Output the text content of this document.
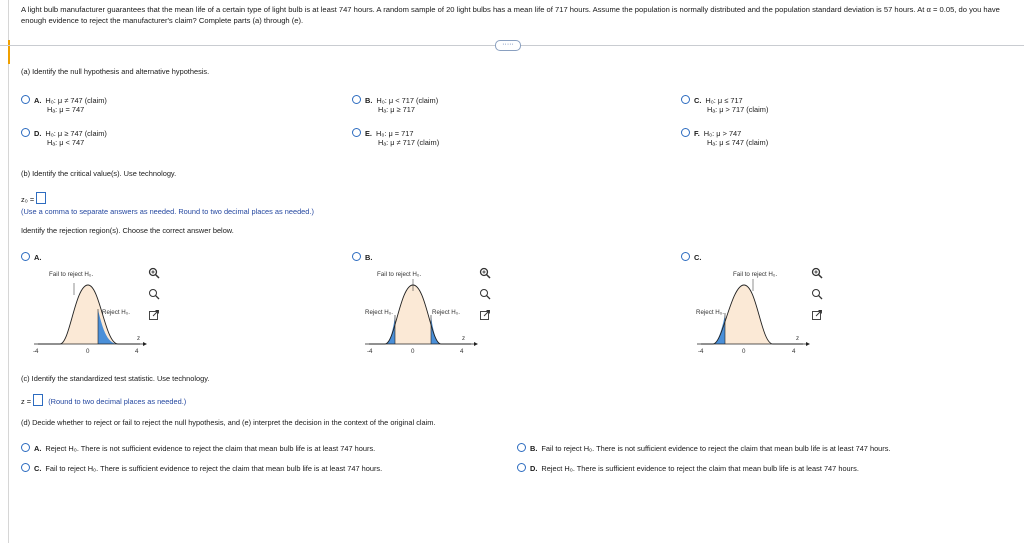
A light bulb manufacturer guarantees that the mean life of a certain type of light bulb is at least 747 hours. A random sample of 20 light bulbs has a mean life of 717 hours. Assume the population is normally distributed and the population standard deviation is 57 hours. At α = 0.05, do you have enough evidence to reject the manufacturer's claim? Complete parts (a) through (e).
·····
(a) Identify the null hypothesis and alternative hypothesis.
A. H₀: μ ≠ 747 (claim)
Hₐ: μ = 747
B. H₀: μ < 717 (claim)
Hₐ: μ ≥ 717
C. H₀: μ ≤ 717
Hₐ: μ > 717 (claim)
D. H₀: μ ≥ 747 (claim)
Hₐ: μ < 747
E. H₀: μ = 717
Hₐ: μ ≠ 717 (claim)
F. H₀: μ > 747
Hₐ: μ ≤ 747 (claim)
(b) Identify the critical value(s). Use technology.
z₀ =
(Use a comma to separate answers as needed. Round to two decimal places as needed.)
Identify the rejection region(s). Choose the correct answer below.
A.
Fail to reject H₀.
Reject H₀.
-4	0	4
z
B.
Fail to reject H₀.
Reject H₀.	Reject H₀.
-4	0	4
z
C.
Fail to reject H₀.
Reject H₀.
-4	0	4
z
(c) Identify the standardized test statistic. Use technology.
z = (Round to two decimal places as needed.)
(d) Decide whether to reject or fail to reject the null hypothesis, and (e) interpret the decision in the context of the original claim.
A. Reject H₀. There is not sufficient evidence to reject the claim that mean bulb life is at least 747 hours.	B. Fail to reject H₀. There is not sufficient evidence to reject the claim that mean bulb life is at least 747 hours.
C. Fail to reject H₀. There is sufficient evidence to reject the claim that mean bulb life is at least 747 hours.	D. Reject H₀. There is sufficient evidence to reject the claim that mean bulb life is at least 747 hours.
